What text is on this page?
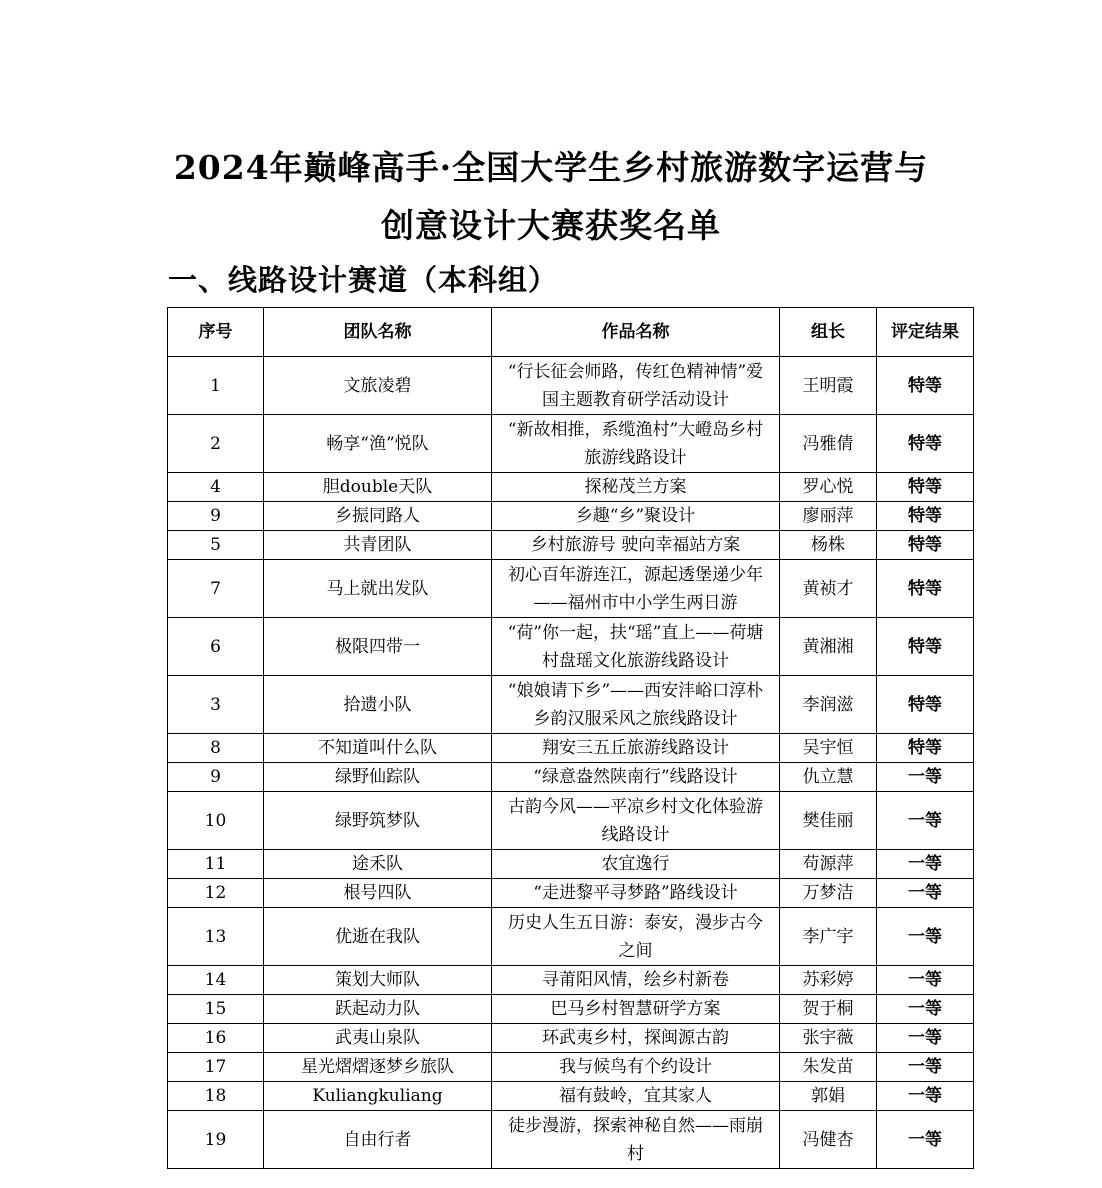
2024年巅峰高手·全国大学生乡村旅游数字运营与
创意设计大赛获奖名单
一、线路设计赛道（本科组）
序号	团队名称	作品名称	组长	评定结果
1	文旅凌碧	“行长征会师路，传红色精神情”爱国主题教育研学活动设计	王明霞	特等
2	畅享“渔”悦队	“新故相推，系缆渔村”大嶝岛乡村旅游线路设计	冯雅倩	特等
4	胆double天队	探秘茂兰方案	罗心悦	特等
9	乡振同路人	乡趣“乡”聚设计	廖丽萍	特等
5	共青团队	乡村旅游号 驶向幸福站方案	杨株	特等
7	马上就出发队	初心百年游连江，源起透堡递少年——福州市中小学生两日游	黄祯才	特等
6	极限四带一	“荷”你一起，扶“瑶”直上——荷塘村盘瑶文化旅游线路设计	黄湘湘	特等
3	拾遗小队	“娘娘请下乡”——西安沣峪口淳朴乡韵汉服采风之旅线路设计	李润滋	特等
8	不知道叫什么队	翔安三五丘旅游线路设计	吴宇恒	特等
9	绿野仙踪队	“绿意盎然陕南行”线路设计	仇立慧	一等
10	绿野筑梦队	古韵今风——平凉乡村文化体验游线路设计	樊佳丽	一等
11	途禾队	农宜逸行	苟源萍	一等
12	根号四队	“走进黎平寻梦路”路线设计	万梦洁	一等
13	优逝在我队	历史人生五日游：泰安，漫步古今之间	李广宇	一等
14	策划大师队	寻莆阳风情，绘乡村新卷	苏彩婷	一等
15	跃起动力队	巴马乡村智慧研学方案	贺于桐	一等
16	武夷山泉队	环武夷乡村，探闽源古韵	张宇薇	一等
17	星光熠熠逐梦乡旅队	我与候鸟有个约设计	朱发苗	一等
18	Kuliangkuliang	福有鼓岭，宜其家人	郭娟	一等
19	自由行者	徒步漫游，探索神秘自然——雨崩村	冯健杏	一等
